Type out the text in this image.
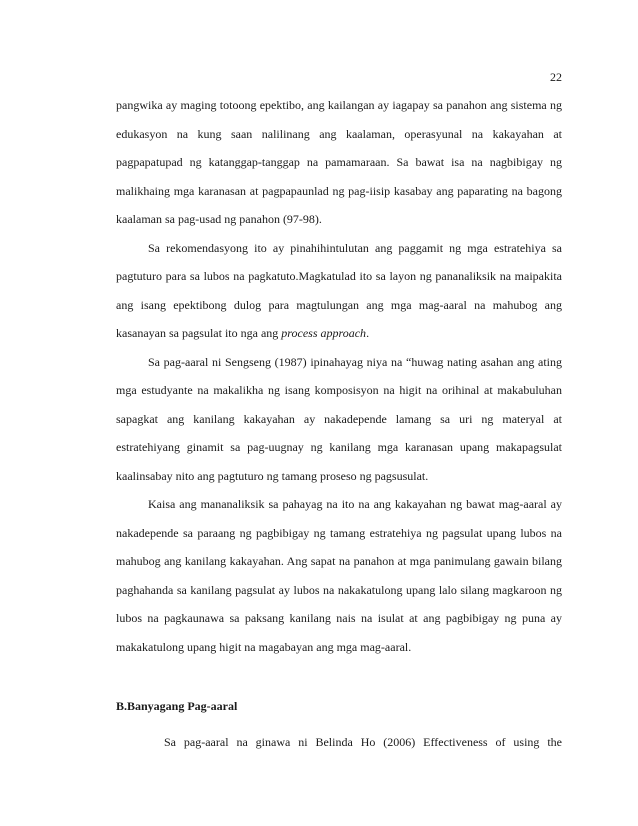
22

pangwika ay maging totoong epektibo, ang kailangan ay iagapay sa panahon ang sistema ng edukasyon na kung saan nalilinang ang kaalaman, operasyunal na kakayahan at pagpapatupad ng katanggap-tanggap na pamamaraan. Sa bawat isa na nagbibigay ng malikhaing mga karanasan at pagpapaunlad ng pag-iisip kasabay ang paparating na bagong kaalaman sa pag-usad ng panahon (97-98).

Sa rekomendasyong ito ay pinahihintulutan ang paggamit ng mga estratehiya sa pagtuturo para sa lubos na pagkatuto.Magkatulad ito sa layon ng pananaliksik na maipakita ang isang epektibong dulog para magtulungan ang mga mag-aaral na mahubog ang kasanayan sa pagsulat ito nga ang process approach.

Sa pag-aaral ni Sengseng (1987) ipinahayag niya na “huwag nating asahan ang ating mga estudyante na makalikha ng isang komposisyon na higit na orihinal at makabuluhan sapagkat ang kanilang kakayahan ay nakadepende lamang sa uri ng materyal at estratehiyang ginamit sa pag-uugnay ng kanilang mga karanasan upang makapagsulat kaalinsabay nito ang pagtuturo ng tamang proseso ng pagsusulat.

Kaisa ang mananaliksik sa pahayag na ito na ang kakayahan ng bawat mag-aaral ay nakadepende sa paraang ng pagbibigay ng tamang estratehiya ng pagsulat upang lubos na mahubog ang kanilang kakayahan. Ang sapat na panahon at mga panimulang gawain bilang paghahanda sa kanilang pagsulat ay lubos na nakakatulong upang lalo silang magkaroon ng lubos na pagkaunawa sa paksang kanilang nais na isulat at ang pagbibigay ng puna ay makakatulong upang higit na magabayan ang mga mag-aaral.

B.Banyagang Pag-aaral

Sa pag-aaral na ginawa ni Belinda Ho (2006) Effectiveness of using the
